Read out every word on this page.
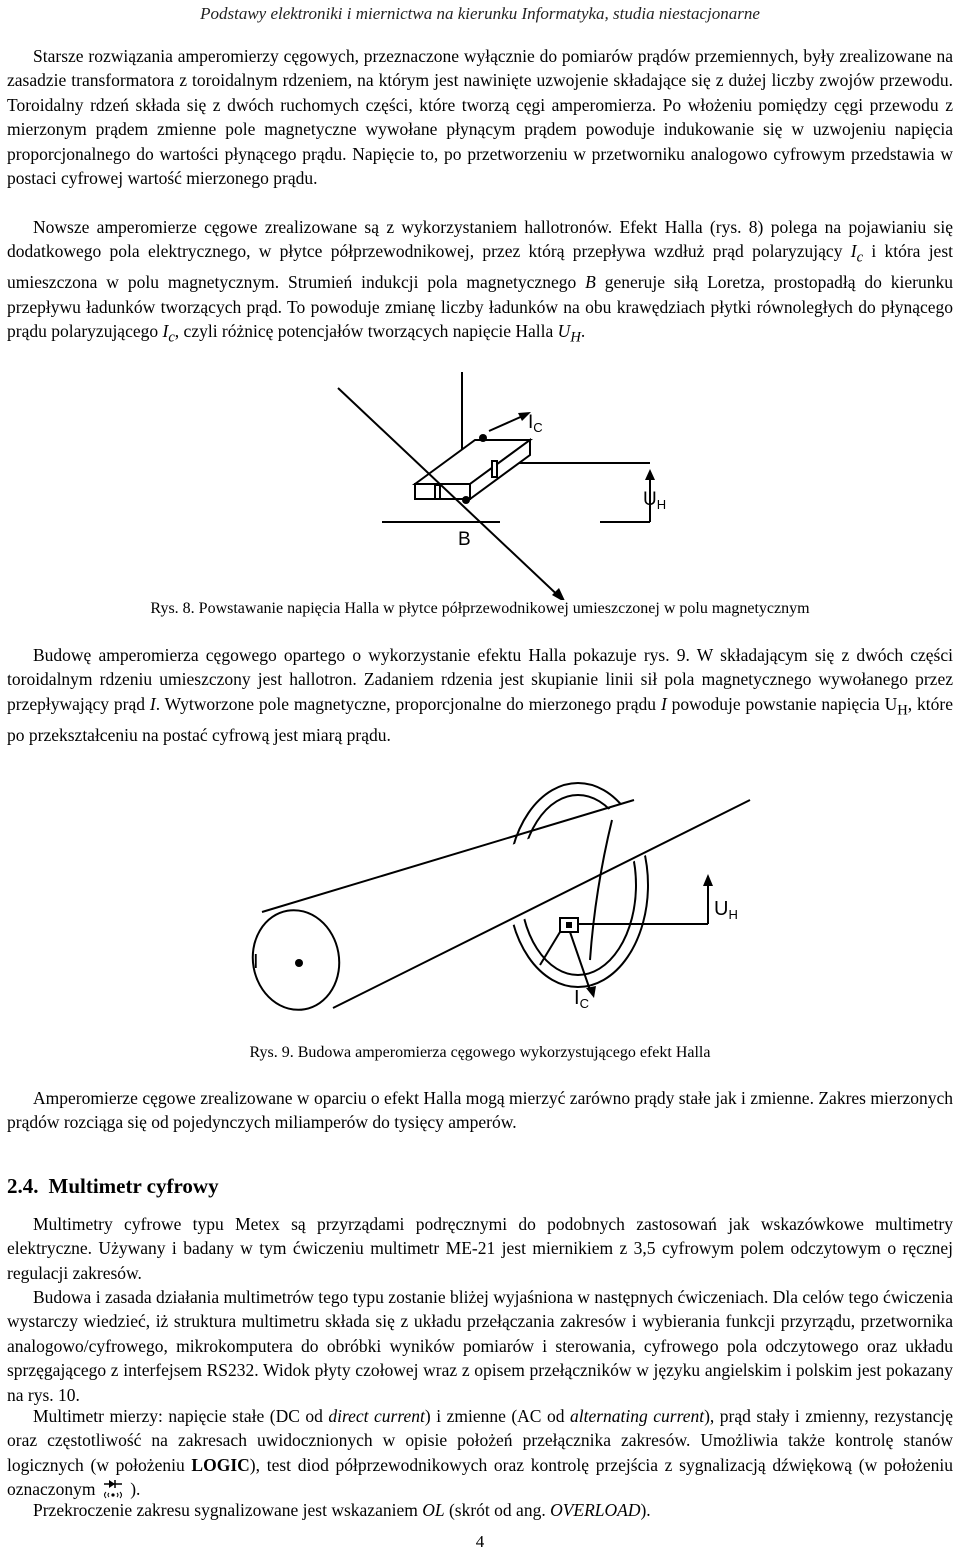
Podstawy elektroniki i miernictwa na kierunku Informatyka, studia niestacjonarne

Starsze rozwiązania amperomierzy cęgowych, przeznaczone wyłącznie do pomiarów prądów przemiennych, były zrealizowane na zasadzie transformatora z toroidalnym rdzeniem, na którym jest nawinięte uzwojenie składające się z dużej liczby zwojów przewodu. Toroidalny rdzeń składa się z dwóch ruchomych części, które tworzą cęgi amperomierza. Po włożeniu pomiędzy cęgi przewodu z mierzonym prądem zmienne pole magnetyczne wywołane płynącym prądem powoduje indukowanie się w uzwojeniu napięcia proporcjonalnego do wartości płynącego prądu. Napięcie to, po przetworzeniu w przetworniku analogowo cyfrowym przedstawia w postaci cyfrowej wartość mierzonego prądu.

Nowsze amperomierze cęgowe zrealizowane są z wykorzystaniem hallotronów. Efekt Halla (rys. 8) polega na pojawianiu się dodatkowego pola elektrycznego, w płytce półprzewodnikowej, przez którą przepływa wzdłuż prąd polaryzujący $I_c$ i która jest umieszczona w polu magnetycznym. Strumień indukcji pola magnetycznego B generuje siłą Loretza, prostopadłą do kierunku przepływu ładunków tworzących prąd. To powoduje zmianę liczby ładunków na obu krawędziach płytki równoległych do płynącego prądu polaryzującego $I_c$, czyli różnicę potencjałów tworzących napięcie Halla $U_H$.

$I_C$
$U_H$
B
Rys. 8. Powstawanie napięcia Halla w płytce półprzewodnikowej umieszczonej w polu magnetycznym

Budowę amperomierza cęgowego opartego o wykorzystanie efektu Halla pokazuje rys. 9. W składającym się z dwóch części toroidalnym rdzeniu umieszczony jest hallotron. Zadaniem rdzenia jest skupianie linii sił pola magnetycznego wywołanego przez przepływający prąd I. Wytworzone pole magnetyczne, proporcjonalne do mierzonego prądu I powoduje powstanie napięcia $U_H$, które po przekształceniu na postać cyfrową jest miarą prądu.

I
$U_H$
$I_C$
Rys. 9. Budowa amperomierza cęgowego wykorzystującego efekt Halla

Amperomierze cęgowe zrealizowane w oparciu o efekt Halla mogą mierzyć zarówno prądy stałe jak i zmienne. Zakres mierzonych prądów rozciąga się od pojedynczych miliamperów do tysięcy amperów.

2.4. Multimetr cyfrowy

Multimetry cyfrowe typu Metex są przyrządami podręcznymi do podobnych zastosowań jak wskazówkowe multimetry elektryczne. Używany i badany w tym ćwiczeniu multimetr ME-21 jest miernikiem z 3,5 cyfrowym polem odczytowym o ręcznej regulacji zakresów.

Budowa i zasada działania multimetrów tego typu zostanie bliżej wyjaśniona w następnych ćwiczeniach. Dla celów tego ćwiczenia wystarczy wiedzieć, iż struktura multimetru składa się z układu przełączania zakresów i wybierania funkcji przyrządu, przetwornika analogowo/cyfrowego, mikrokomputera do obróbki wyników pomiarów i sterowania, cyfrowego pola odczytowego oraz układu sprzęgającego z interfejsem RS232. Widok płyty czołowej wraz z opisem przełączników w języku angielskim i polskim jest pokazany na rys. 10.

Multimetr mierzy: napięcie stałe (DC od direct current) i zmienne (AC od alternating current), prąd stały i zmienny, rezystancję oraz częstotliwość na zakresach uwidocznionych w opisie położeń przełącznika zakresów. Umożliwia także kontrolę stanów logicznych (w położeniu LOGIC), test diod półprzewodnikowych oraz kontrolę przejścia z sygnalizacją dźwiękową (w położeniu oznaczonym  ).

Przekroczenie zakresu sygnalizowane jest wskazaniem OL (skrót od ang. OVERLOAD).

4
